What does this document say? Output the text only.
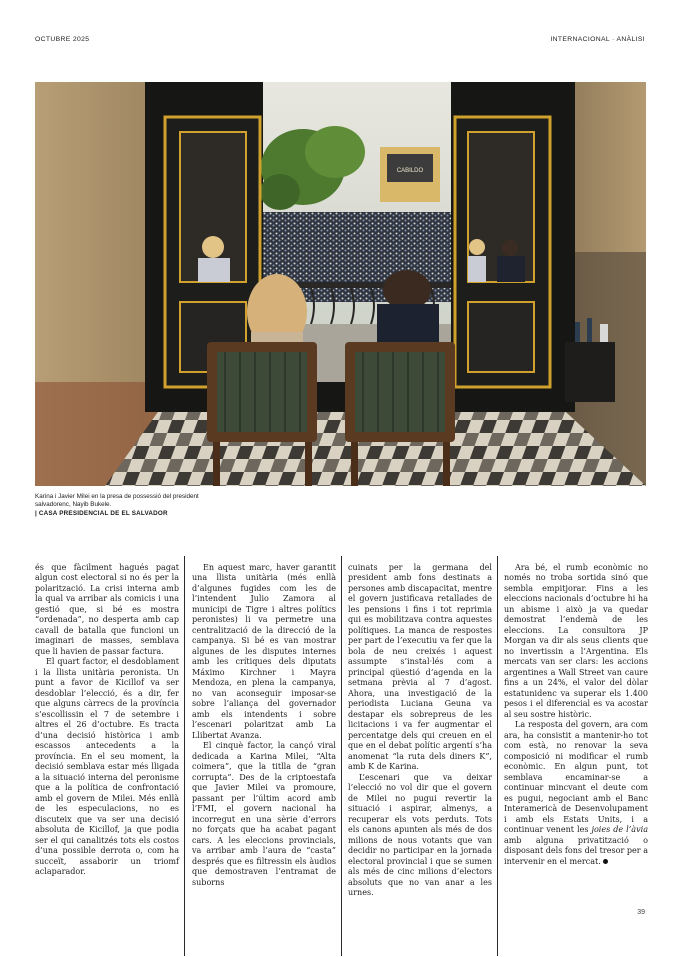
OCTUBRE 2025	INTERNACIONAL · ANÀLISI
CABILDO
Karina i Javier Milei en la presa de possessió del president salvadorenc, Nayib Bukele.
| CASA PRESIDENCIAL DE EL SALVADOR

és que fàcilment hagués pagat algun cost electoral si no és per la polarització. La crisi interna amb la qual va arribar als comicis i una gestió que, si bé es mostra “ordenada”, no desperta amb cap cavall de batalla que funcioni un imaginari de masses, semblava que li havien de passar factura.

El quart factor, el desdoblament i la llista unitària peronista. Un punt a favor de Kicillof va ser desdoblar l’elecció, és a dir, fer que alguns càrrecs de la província s’escollissin el 7 de setembre i altres el 26 d’octubre. Es tracta d’una decisió històrica i amb escassos antecedents a la província. En el seu moment, la decisió semblava estar més lligada a la situació interna del peronisme que a la política de confrontació amb el govern de Milei. Més enllà de les especulacions, no es discuteix que va ser una decisió absoluta de Kicillof, ja que podia ser el qui canalitzés tots els costos d’una possible derrota o, com ha succeït, assaborir un triomf aclaparador.

En aquest marc, haver garantit una llista unitària (més enllà d’algunes fugides com les de l’intendent Julio Zamora al municipi de Tigre i altres polítics peronistes) li va permetre una centralització de la direcció de la campanya. Si bé es van mostrar algunes de les disputes internes amb les crítiques dels diputats Máximo Kirchner i Mayra Mendoza, en plena la campanya, no van aconseguir imposar-se sobre l’aliança del governador amb els intendents i sobre l’escenari polaritzat amb La Llibertat Avanza.

El cinquè factor, la cançó viral dedicada a Karina Milei, “Alta coimera”, que la titlla de “gran corrupta”. Des de la criptoestafa que Javier Milei va promoure, passant per l’últim acord amb l’FMI, el govern nacional ha incorregut en una sèrie d’errors no forçats que ha acabat pagant cars. A les eleccions provincials, va arribar amb l’aura de “casta” després que es filtressin els àudios que demostraven l’entramat de suborns

cuinats per la germana del president amb fons destinats a persones amb discapacitat, mentre el govern justificava retallades de les pensions i fins i tot reprimia qui es mobilitzava contra aquestes polítiques. La manca de respostes per part de l’executiu va fer que la bola de neu creixés i aquest assumpte s’instal·lés com a principal qüestió d’agenda en la setmana prèvia al 7 d’agost. Ahora, una investigació de la periodista Luciana Geuna va destapar els sobrepreus de les licitacions i va fer augmentar el percentatge dels qui creuen en el que en el debat polític argentí s’ha anomenat “la ruta dels diners K”, amb K de Karina.

L’escenari que va deixar l’elecció no vol dir que el govern de Milei no pugui revertir la situació i aspirar, almenys, a recuperar els vots perduts. Tots els canons apunten als més de dos milions de nous votants que van decidir no participar en la jornada electoral provincial i que se sumen als més de cinc milions d’electors absoluts que no van anar a les urnes.

Ara bé, el rumb econòmic no només no troba sortida sinó que sembla empitjorar. Fins a les eleccions nacionals d’octubre hi ha un abisme i això ja va quedar demostrat l’endemà de les eleccions. La consultora JP Morgan va dir als seus clients que no invertissin a l’Argentina. Els mercats van ser clars: les accions argentines a Wall Street van caure fins a un 24%, el valor del dòlar estatunidenc va superar els 1.400 pesos i el diferencial es va acostar al seu sostre històric.

La resposta del govern, ara com ara, ha consistit a mantenir-ho tot com està, no renovar la seva composició ni modificar el rumb econòmic. En algun punt, tot semblava encaminar-se a continuar mincvant el deute com es pugui, negociant amb el Banc Interamericà de Desenvolupament i amb els Estats Units, i a continuar venent les joies de l’àvia amb alguna privatització o disposant dels fons del tresor per a intervenir en el mercat.

39
